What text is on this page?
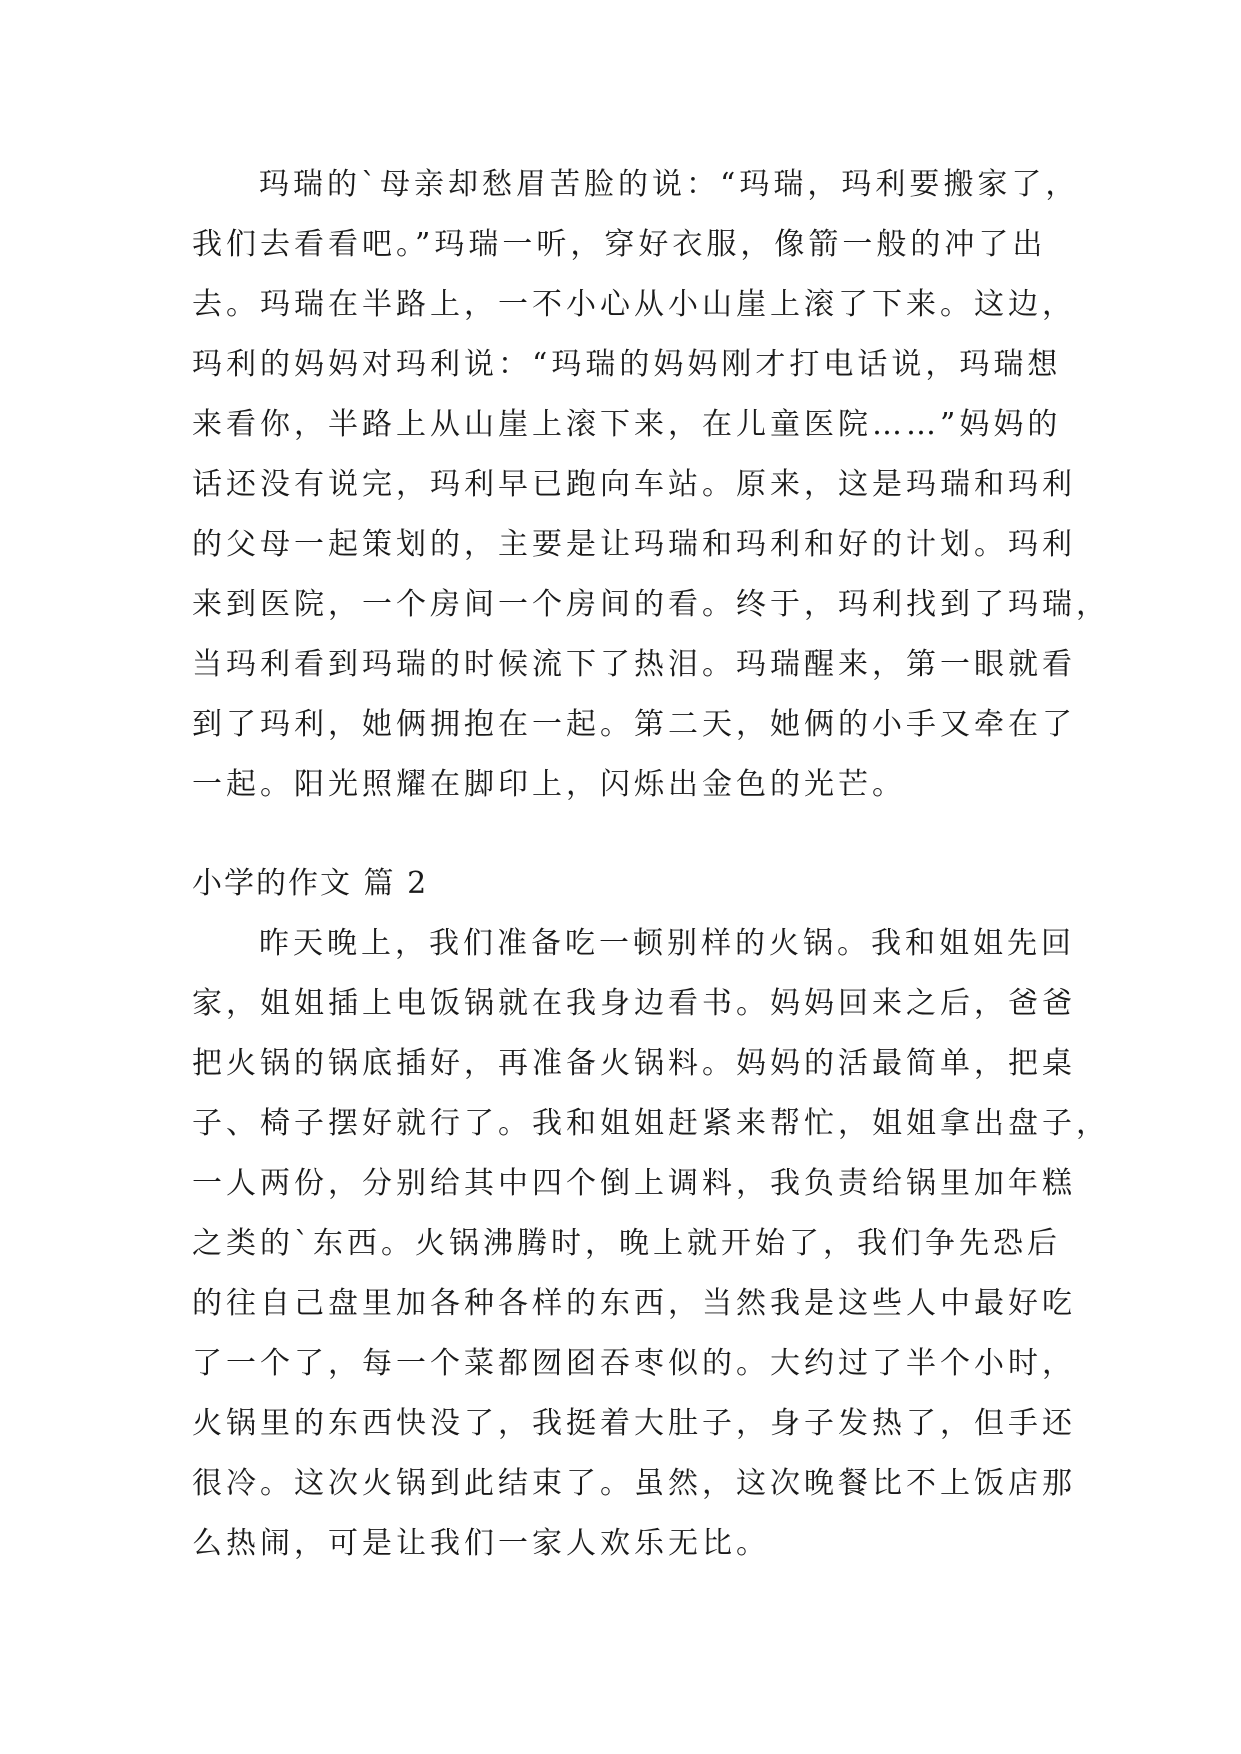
玛瑞的`母亲却愁眉苦脸的说：“玛瑞，玛利要搬家了，
我们去看看吧。”玛瑞一听，穿好衣服，像箭一般的冲了出
去。玛瑞在半路上，一不小心从小山崖上滚了下来。这边，
玛利的妈妈对玛利说：“玛瑞的妈妈刚才打电话说，玛瑞想
来看你，半路上从山崖上滚下来，在儿童医院……”妈妈的
话还没有说完，玛利早已跑向车站。原来，这是玛瑞和玛利
的父母一起策划的，主要是让玛瑞和玛利和好的计划。玛利
来到医院，一个房间一个房间的看。终于，玛利找到了玛瑞，
当玛利看到玛瑞的时候流下了热泪。玛瑞醒来，第一眼就看
到了玛利，她俩拥抱在一起。第二天，她俩的小手又牵在了
一起。阳光照耀在脚印上，闪烁出金色的光芒。
小学的作文 篇 2
昨天晚上，我们准备吃一顿别样的火锅。我和姐姐先回
家，姐姐插上电饭锅就在我身边看书。妈妈回来之后，爸爸
把火锅的锅底插好，再准备火锅料。妈妈的活最简单，把桌
子、椅子摆好就行了。我和姐姐赶紧来帮忙，姐姐拿出盘子，
一人两份，分别给其中四个倒上调料，我负责给锅里加年糕
之类的`东西。火锅沸腾时，晚上就开始了，我们争先恐后
的往自己盘里加各种各样的东西，当然我是这些人中最好吃
了一个了，每一个菜都囫囵吞枣似的。大约过了半个小时，
火锅里的东西快没了，我挺着大肚子，身子发热了，但手还
很冷。这次火锅到此结束了。虽然，这次晚餐比不上饭店那
么热闹，可是让我们一家人欢乐无比。
